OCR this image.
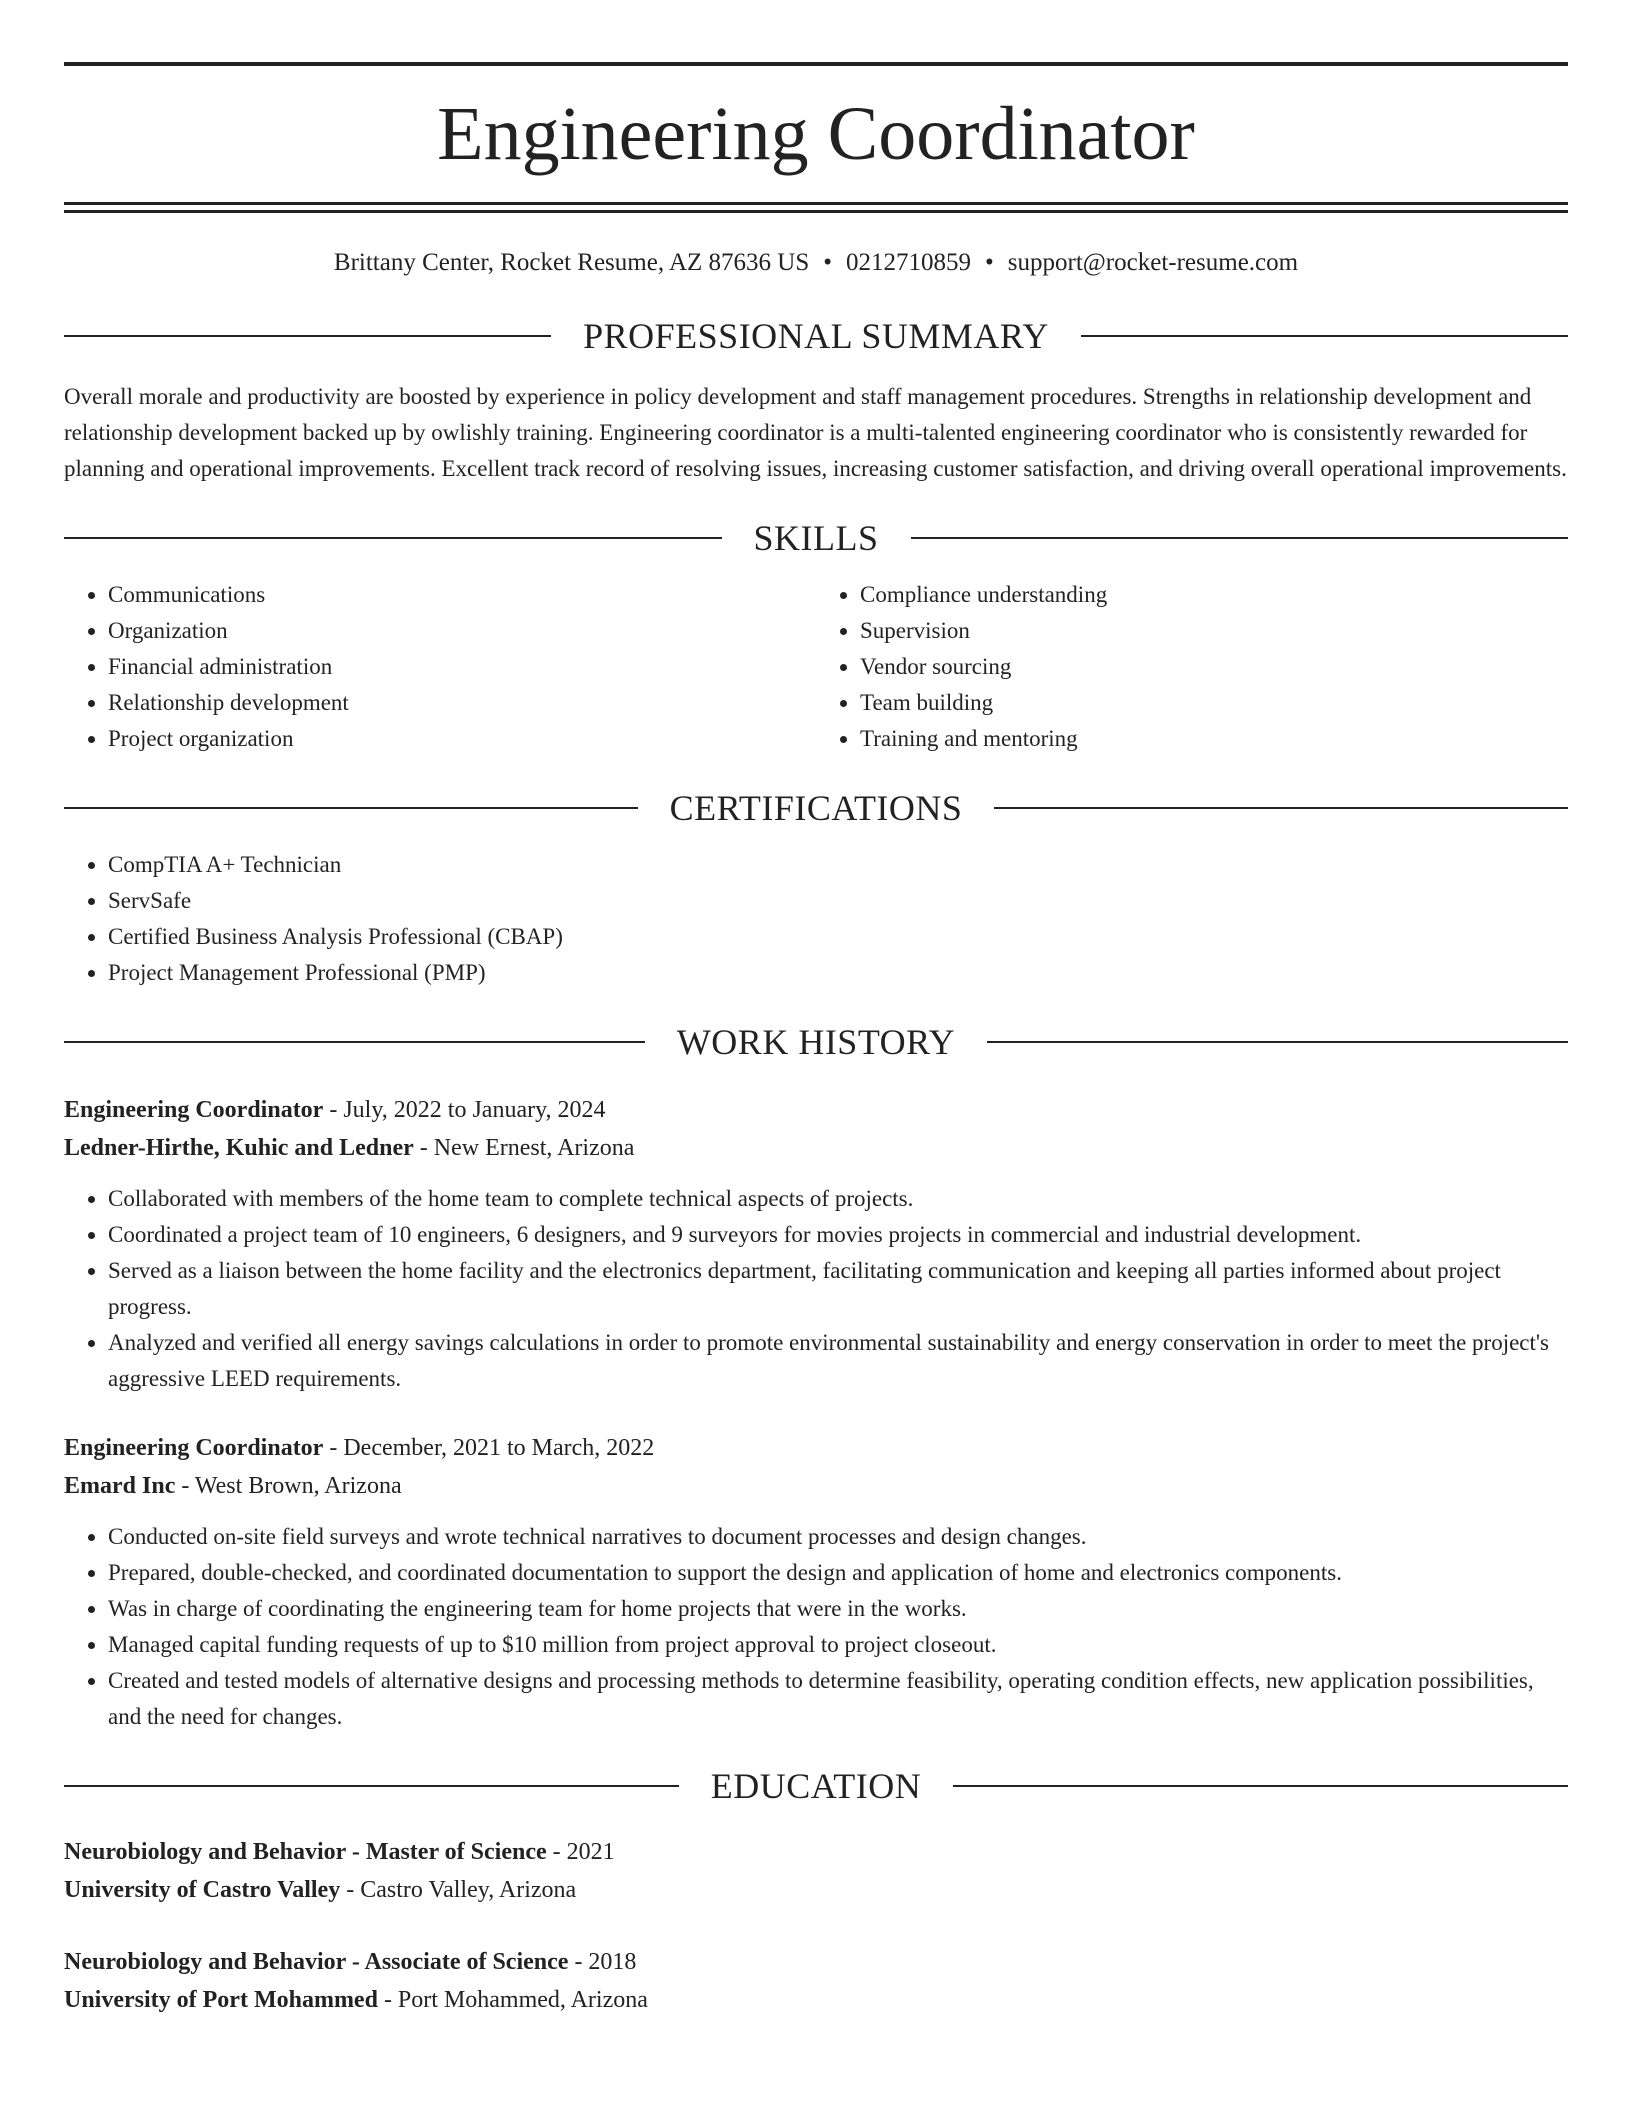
Engineering Coordinator
Brittany Center, Rocket Resume, AZ 87636 US • 0212710859 • support@rocket-resume.com
PROFESSIONAL SUMMARY
Overall morale and productivity are boosted by experience in policy development and staff management procedures. Strengths in relationship development and relationship development backed up by owlishly training. Engineering coordinator is a multi-talented engineering coordinator who is consistently rewarded for planning and operational improvements. Excellent track record of resolving issues, increasing customer satisfaction, and driving overall operational improvements.
SKILLS
• Communications
• Organization
• Financial administration
• Relationship development
• Project organization
• Compliance understanding
• Supervision
• Vendor sourcing
• Team building
• Training and mentoring
CERTIFICATIONS
• CompTIA A+ Technician
• ServSafe
• Certified Business Analysis Professional (CBAP)
• Project Management Professional (PMP)
WORK HISTORY
Engineering Coordinator - July, 2022 to January, 2024
Ledner-Hirthe, Kuhic and Ledner - New Ernest, Arizona
• Collaborated with members of the home team to complete technical aspects of projects.
• Coordinated a project team of 10 engineers, 6 designers, and 9 surveyors for movies projects in commercial and industrial development.
• Served as a liaison between the home facility and the electronics department, facilitating communication and keeping all parties informed about project progress.
• Analyzed and verified all energy savings calculations in order to promote environmental sustainability and energy conservation in order to meet the project's aggressive LEED requirements.
Engineering Coordinator - December, 2021 to March, 2022
Emard Inc - West Brown, Arizona
• Conducted on-site field surveys and wrote technical narratives to document processes and design changes.
• Prepared, double-checked, and coordinated documentation to support the design and application of home and electronics components.
• Was in charge of coordinating the engineering team for home projects that were in the works.
• Managed capital funding requests of up to $10 million from project approval to project closeout.
• Created and tested models of alternative designs and processing methods to determine feasibility, operating condition effects, new application possibilities, and the need for changes.
EDUCATION
Neurobiology and Behavior - Master of Science - 2021
University of Castro Valley - Castro Valley, Arizona
Neurobiology and Behavior - Associate of Science - 2018
University of Port Mohammed - Port Mohammed, Arizona
